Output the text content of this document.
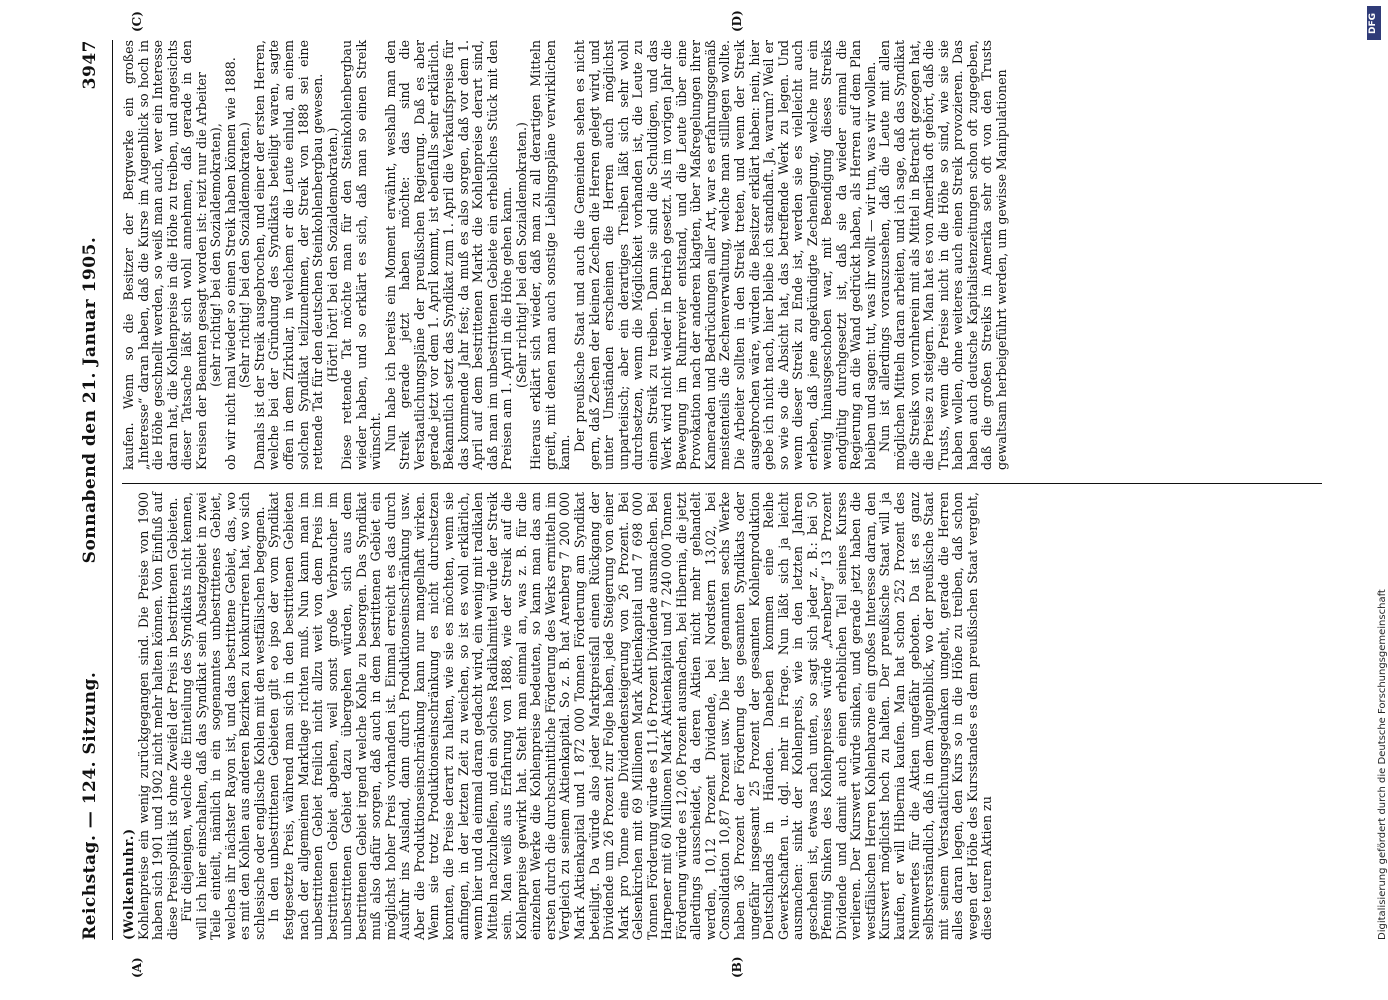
Reichstag. — 124. Sitzung.
Sonnabend den 21. Januar 1905.
3947
(A)	(B)
(C)	(D)

(Wolkenhuhr.) Kohlenpreise ein wenig zurückgegangen sind. Die Preise von 1900 haben sich 1901 und 1902 nicht mehr halten können. Von Einfluß auf diese Preispolitik ist ohne Zweifel der Preis in bestrittenen Gebieten. Für diejenigen, welche die Einteilung des Syndikats nicht kennen, will ich hier einschalten, daß das Syndikat sein Absatzgebiet in zwei Teile einteilt, nämlich in ein sogenanntes unbestrittenes Gebiet, welches ihr nächster Rayon ist, und das bestrittene Gebiet, das, wo es mit den Kohlen aus anderen Bezirken zu konkurrieren hat, wo sich schlesische oder englische Kohlen mit den westfälischen begegnen. In den unbestrittenen Gebieten gilt eo ipso der vom Syndikat festgesetzte Preis, während man sich in den bestrittenen Gebieten nach der allgemeinen Marktlage richten muß. Nun kann man im unbestrittenen Gebiet freilich nicht allzu weit von dem Preis im bestrittenen Gebiet abgehen, weil sonst große Verbraucher im unbestrittenen Gebiet dazu übergehen würden, sich aus dem bestrittenen Gebiet irgend welche Kohle zu besorgen. Das Syndikat muß also dafür sorgen, daß auch in dem bestrittenen Gebiet ein möglichst hoher Preis vorhanden ist. Einmal erreicht es das durch Ausfuhr ins Ausland, dann durch Produktionseinschränkung usw. Aber die Produktionseinschränkung kann nur mangelhaft wirken. Wenn sie trotz Produktionseinschränkung es nicht durchsetzen konnten, die Preise derart zu halten, wie sie es möchten, wenn sie anfingen, in der letzten Zeit zu weichen, so ist es wohl erklärlich, wenn hier und da einmal daran gedacht wird, ein wenig mit radikalen Mitteln nachzuhelfen, und ein solches Radikalmittel würde der Streik sein. Man weiß aus Erfahrung von 1888, wie der Streik auf die Kohlenpreise gewirkt hat. Steht man einmal an, was z. B. für die einzelnen Werke die Kohlenpreise bedeuten, so kann man das am ersten durch die durchschnittliche Förderung des Werks ermitteln im Vergleich zu seinem Aktienkapital. So z. B. hat Arenberg 7 200 000 Mark Aktienkapital und 1 872 000 Tonnen Förderung am Syndikat beteiligt. Da würde also jeder Marktpreisfall einen Rückgang der Dividende um 26 Prozent zur Folge haben, jede Steigerung von einer Mark pro Tonne eine Dividendensteigerung von 26 Prozent. Bei Gelsenkirchen mit 69 Millionen Mark Aktienkapital und 7 698 000 Tonnen Förderung würde es 11,16 Prozent Dividende ausmachen. Bei Harpener mit 60 Millionen Mark Aktienkapital und 7 240 000 Tonnen Förderung würde es 12,06 Prozent ausmachen, bei Hibernia, die jetzt allerdings ausscheidet, da deren Aktien nicht mehr gehandelt werden, 10,12 Prozent Dividende, bei Nordstern 13,02, bei Consolidation 10,87 Prozent usw. Die hier genannten sechs Werke haben 36 Prozent der Förderung des gesamten Syndikats oder ungefähr insgesamt 25 Prozent der gesamten Kohlenproduktion Deutschlands in Händen. Daneben kommen eine Reihe Gewerkschaften u. dgl. mehr in Frage. Nun läßt sich ja leicht ausmachen: sinkt der Kohlenpreis, wie in den letzten Jahren geschehen ist, etwas nach unten, so sagt sich jeder z. B.: bei 50 Pfennig Sinken des Kohlenpreises würde „Arenberg“ 13 Prozent Dividende und damit auch einen erheblichen Teil seines Kurses verlieren. Der Kurswert würde sinken, und gerade jetzt haben die westfälischen Herren Kohlenbarone ein großes Interesse daran, den Kurswert möglichst hoch zu halten. Der preußische Staat will ja kaufen, er will Hibernia kaufen. Man hat schon 252 Prozent des Nennwertes für die Aktien ungefähr geboten. Da ist es ganz selbstverständlich, daß in dem Augenblick, wo der preußische Staat mit seinem Verstaatlichungsgedanken umgeht, gerade die Herren alles daran legen, den Kurs so in die Höhe zu treiben, daß schon wegen der Höhe des Kursstandes es dem preußischen Staat vergeht, diese teuren Aktien zu

kaufen. Wenn so die Besitzer der Bergwerke ein großes „Interesse“ daran haben, daß die Kurse im Augenblick so hoch in die Höhe geschnellt werden, so weiß man auch, wer ein Interesse daran hat, die Kohlenpreise in die Höhe zu treiben, und angesichts dieser Tatsache läßt sich wohl annehmen, daß gerade in den Kreisen der Beamten gesagt worden ist: reizt nur die Arbeiter (sehr richtig! bei den Sozialdemokraten), ob wir nicht mal wieder so einen Streik haben können wie 1888. (Sehr richtig! bei den Sozialdemokraten.) Damals ist der Streik ausgebrochen, und einer der ersten Herren, welche bei der Gründung des Syndikats beteiligt waren, sagte offen in dem Zirkular, in welchem er die Leute einlud, an einem solchen Syndikat teilzunehmen, der Streik von 1888 sei eine rettende Tat für den deutschen Steinkohlenbergbau gewesen. (Hört! hört! bei den Sozialdemokraten.) Diese rettende Tat möchte man für den Steinkohlenbergbau wieder haben, und so erklärt es sich, daß man so einen Streik wünscht. Nun habe ich bereits ein Moment erwähnt, weshalb man den Streik gerade jetzt haben möchte: das sind die Verstaatlichungspläne der preußischen Regierung. Daß es aber gerade jetzt vor dem 1. April kommt, ist ebenfalls sehr erklärlich. Bekanntlich setzt das Syndikat zum 1. April die Verkaufspreise für das kommende Jahr fest; da muß es also sorgen, daß vor dem 1. April auf dem bestrittenen Markt die Kohlenpreise derart sind, daß man im unbestrittenen Gebiete ein erhebliches Stück mit den Preisen am 1. April in die Höhe gehen kann. (Sehr richtig! bei den Sozialdemokraten.) Hieraus erklärt sich wieder, daß man zu all derartigen Mitteln greift, mit denen man auch sonstige Lieblingspläne verwirklichen kann.

Der preußische Staat und auch die Gemeinden sehen es nicht gern, daß Zechen der kleinen Zechen die Herren gelegt wird, und unter Umständen erscheinen die Herren auch möglichst unparteiisch; aber ein derartiges Treiben läßt sich sehr wohl durchsetzen, wenn die Möglichkeit vorhanden ist, die Leute zu einem Streik zu treiben. Dann sie sind die Schuldigen, und das Werk wird nicht wieder in Betrieb gesetzt. Als im vorigen Jahr die Bewegung im Ruhrrevier entstand, und die Leute über eine Provokation nach der anderen klagten, über Maßregelungen ihrer Kameraden und Bedrückungen aller Art, war es erfahrungsgemäß meistenteils die Zechenverwaltung, welche man stilllegen wollte. Die Arbeiter sollten in den Streik treten, und wenn der Streik ausgebrochen wäre, würden die Besitzer erklärt haben: nein, hier gebe ich nicht nach, hier bleibe ich standhaft. Ja, warum? Weil er so wie so die Absicht hat, das betreffende Werk zu legen. Und wenn dieser Streik zu Ende ist, werden sie es vielleicht auch erleben, daß jene angekündigte Zechenlegung, welche nur ein wenig hinausgeschoben war, mit Beendigung dieses Streiks endgültig durchgesetzt ist, daß sie da wieder einmal die Regierung an die Wand gedrückt haben, als Herren auf dem Plan bleiben und sagen: tut, was ihr wollt — wir tun, was wir wollen. Nun ist allerdings vorauszusehen, daß die Leute mit allen möglichen Mitteln daran arbeiten, und ich sage, daß das Syndikat die Streiks von vornherein mit als Mittel in Betracht gezogen hat, die Preise zu steigern. Man hat es von Amerika oft gehört, daß die Trusts, wenn die Preise nicht in die Höhe so sind, wie sie sie haben wollen, ohne weiteres auch einen Streik provozieren. Das haben auch deutsche Kapitalistenzeitungen schon oft zugegeben, daß die großen Streiks in Amerika sehr oft von den Trusts gewaltsam herbeigeführt werden, um gewisse Manipulationen

DFG
Digitalisierung gefördert durch die Deutsche Forschungsgemeinschaft
